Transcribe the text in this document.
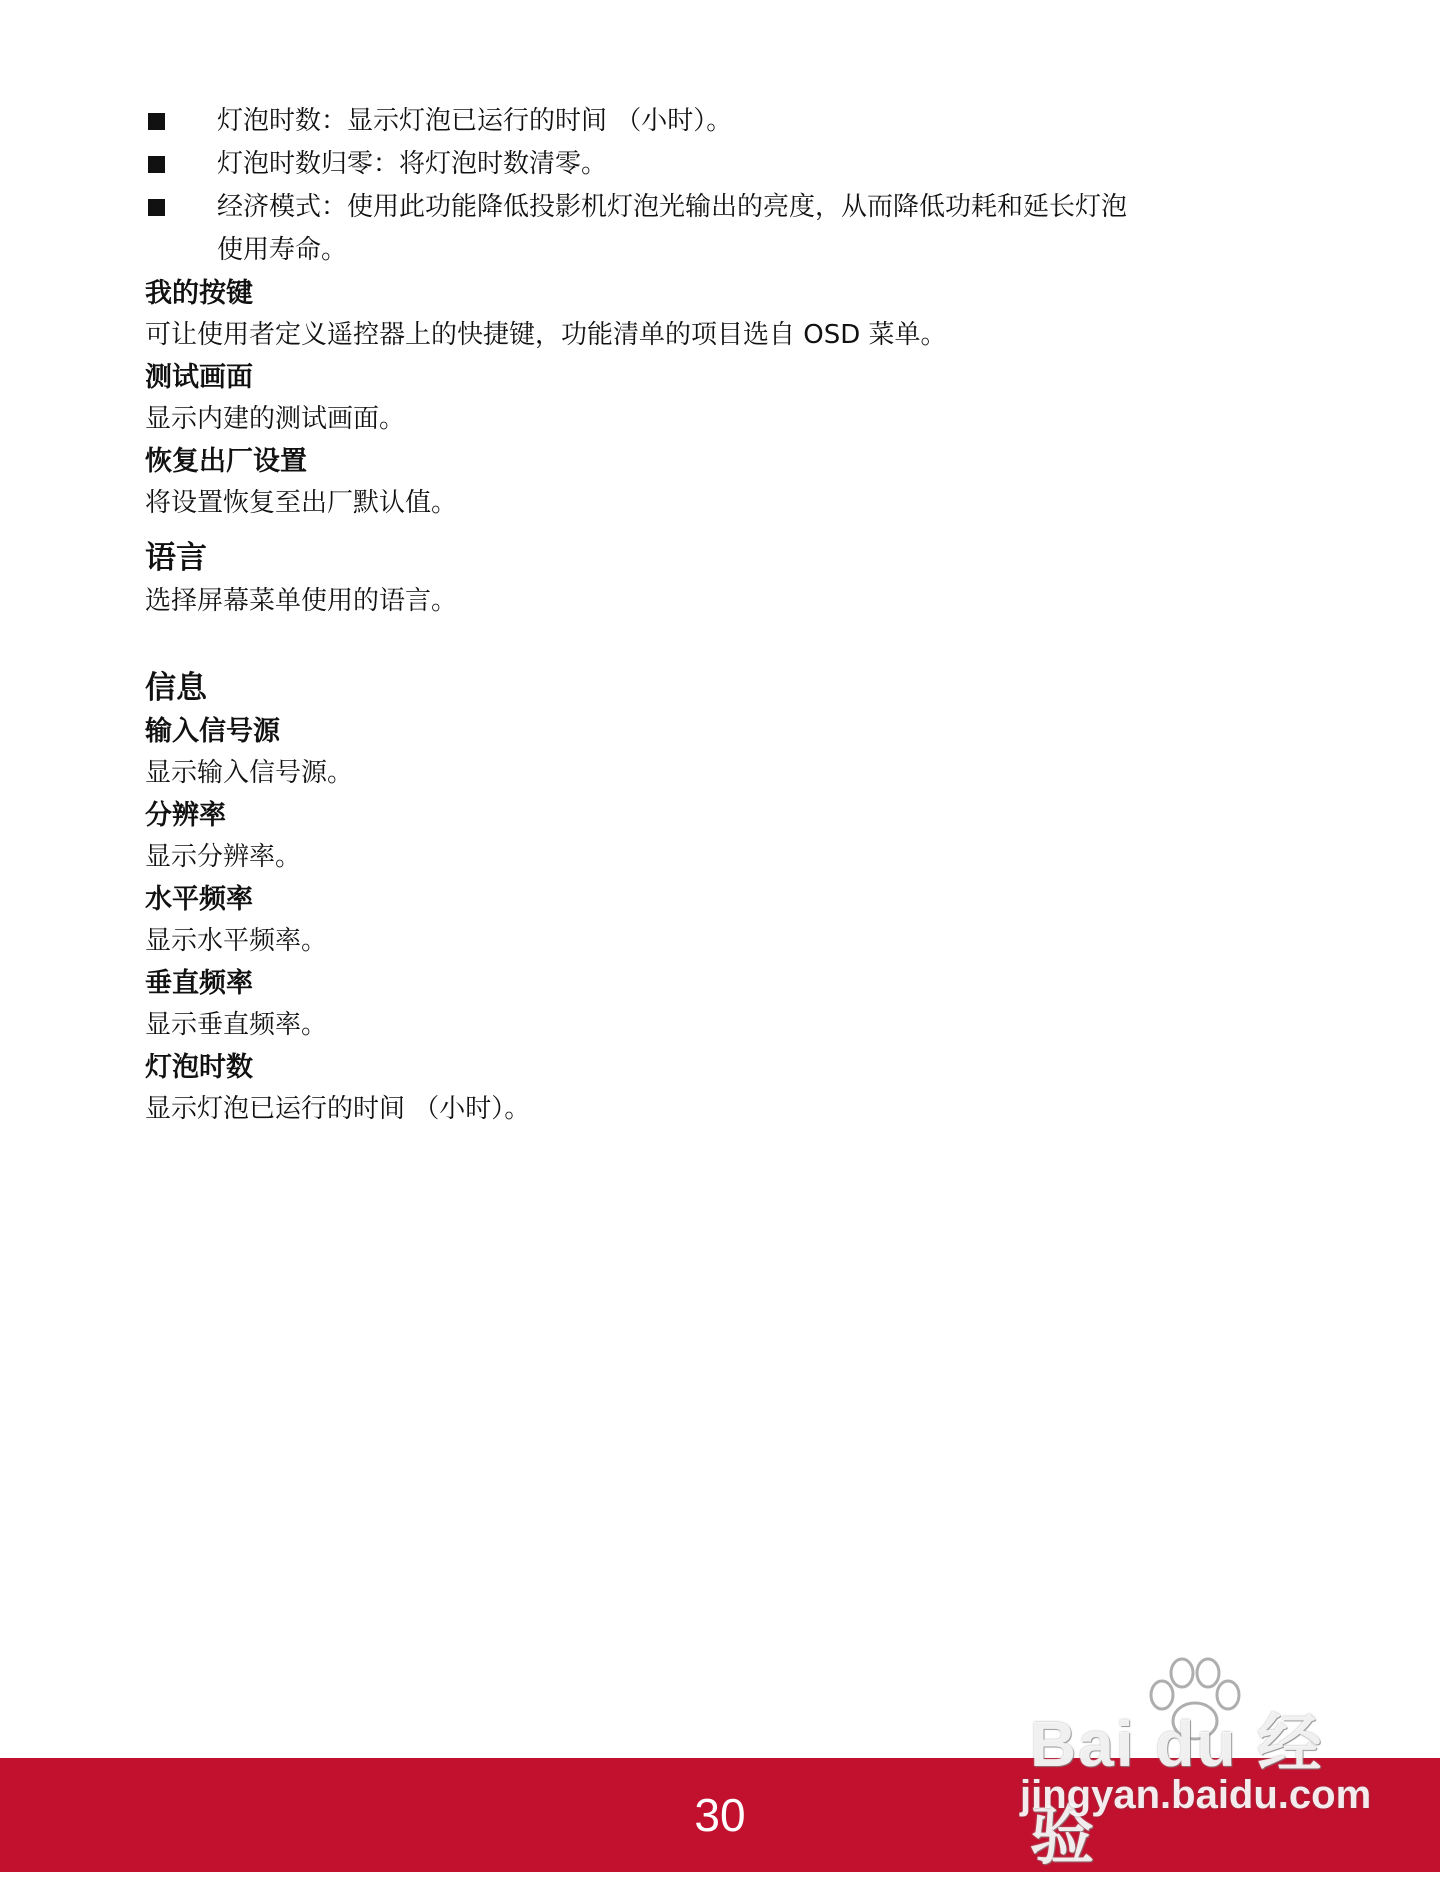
灯泡时数：显示灯泡已运行的时间 （小时）。
灯泡时数归零：将灯泡时数清零。
经济模式：使用此功能降低投影机灯泡光输出的亮度，从而降低功耗和延长灯泡
使用寿命。
我的按键
可让使用者定义遥控器上的快捷键，功能清单的项目选自 OSD 菜单。
测试画面
显示内建的测试画面。
恢复出厂设置
将设置恢复至出厂默认值。
语言
选择屏幕菜单使用的语言。
信息
输入信号源
显示输入信号源。
分辨率
显示分辨率。
水平频率
显示水平频率。
垂直频率
显示垂直频率。
灯泡时数
显示灯泡已运行的时间 （小时）。
30
Bai du 经验
jingyan.baidu.com
